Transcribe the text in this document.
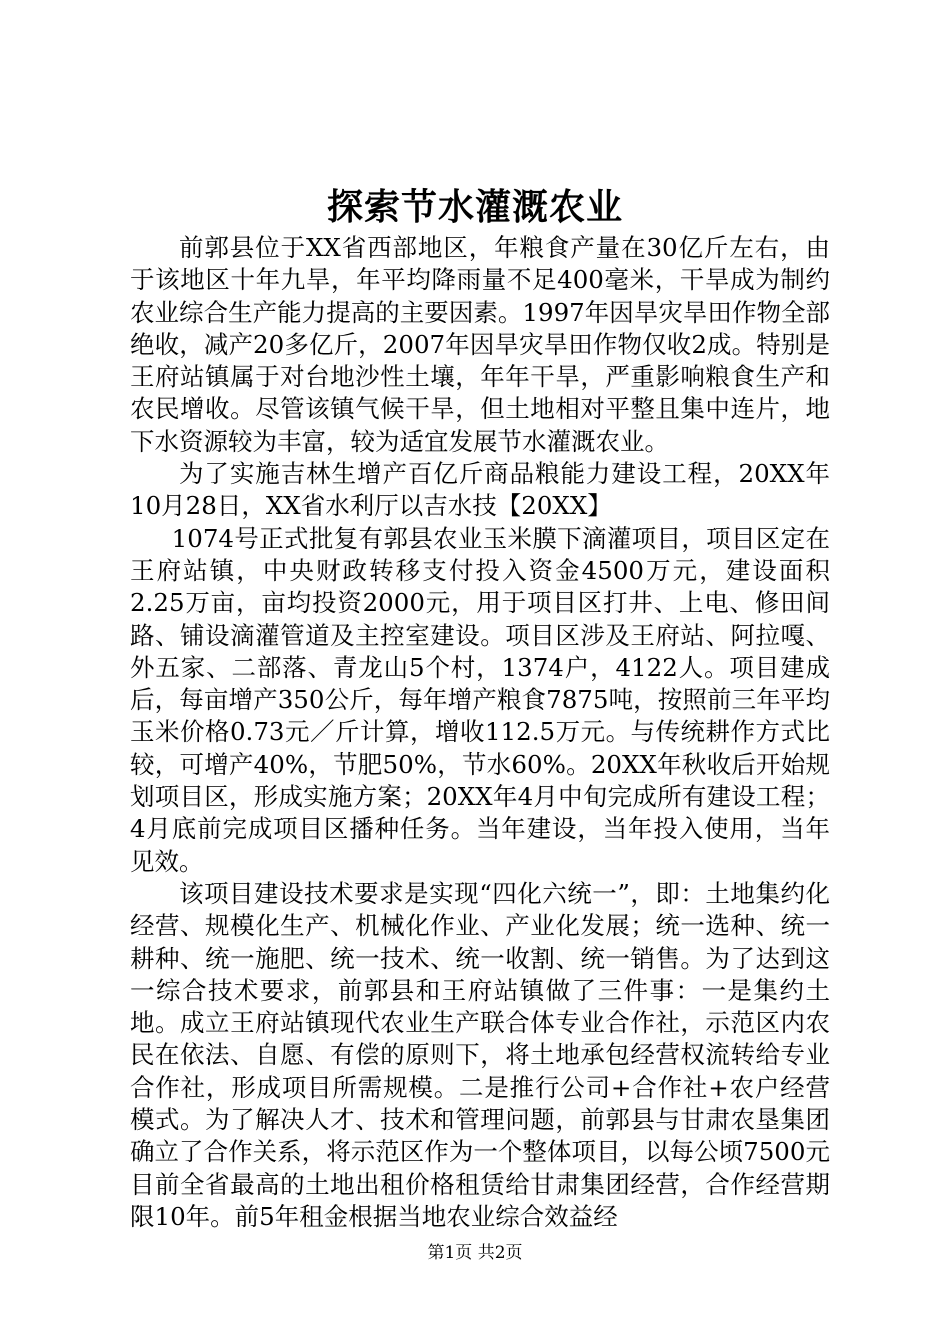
探索节水灌溉农业

前郭县位于XX省西部地区，年粮食产量在30亿斤左右，由于该地区十年九旱，年平均降雨量不足400毫米，干旱成为制约农业综合生产能力提高的主要因素。1997年因旱灾旱田作物全部绝收，减产20多亿斤，2007年因旱灾旱田作物仅收2成。特别是王府站镇属于对台地沙性土壤，年年干旱，严重影响粮食生产和农民增收。尽管该镇气候干旱，但土地相对平整且集中连片，地下水资源较为丰富，较为适宜发展节水灌溉农业。

为了实施吉林生增产百亿斤商品粮能力建设工程，20XX年10月28日，XX省水利厅以吉水技【20XX】

1074号正式批复有郭县农业玉米膜下滴灌项目，项目区定在王府站镇，中央财政转移支付投入资金4500万元，建设面积2.25万亩，亩均投资2000元，用于项目区打井、上电、修田间路、铺设滴灌管道及主控室建设。项目区涉及王府站、阿拉嘎、外五家、二部落、青龙山5个村，1374户，4122人。项目建成后，每亩增产350公斤，每年增产粮食7875吨，按照前三年平均玉米价格0.73元／斤计算，增收112.5万元。与传统耕作方式比较，可增产40%，节肥50%，节水60%。20XX年秋收后开始规划项目区，形成实施方案；20XX年4月中旬完成所有建设工程；4月底前完成项目区播种任务。当年建设，当年投入使用，当年见效。

该项目建设技术要求是实现“四化六统一”，即：土地集约化经营、规模化生产、机械化作业、产业化发展；统一选种、统一耕种、统一施肥、统一技术、统一收割、统一销售。为了达到这一综合技术要求，前郭县和王府站镇做了三件事：一是集约土地。成立王府站镇现代农业生产联合体专业合作社，示范区内农民在依法、自愿、有偿的原则下，将土地承包经营权流转给专业合作社，形成项目所需规模。二是推行公司+合作社+农户经营模式。为了解决人才、技术和管理问题，前郭县与甘肃农垦集团确立了合作关系，将示范区作为一个整体项目，以每公顷7500元目前全省最高的土地出租价格租赁给甘肃集团经营，合作经营期限10年。前5年租金根据当地农业综合效益经

第1页 共2页
